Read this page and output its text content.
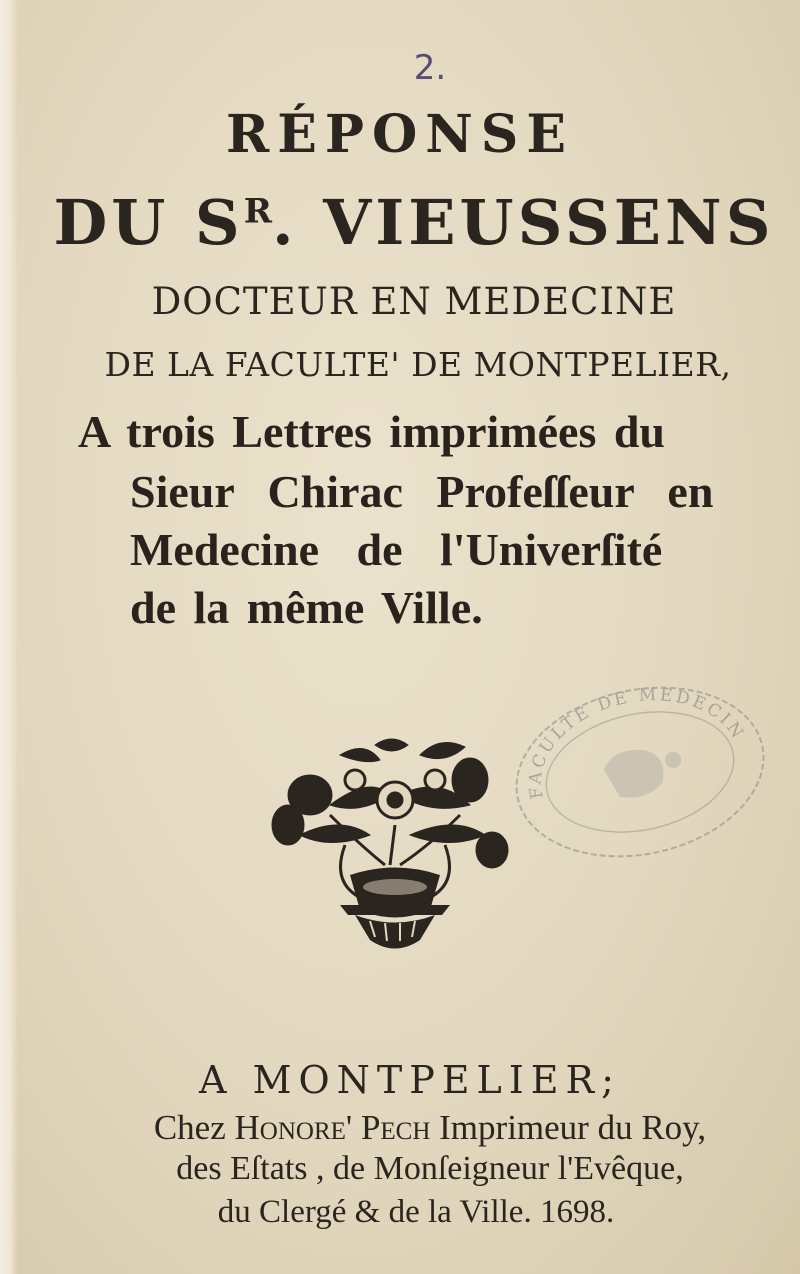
2.
RÉPONSE
DU $S^R$. VIEUSSENS
DOCTEUR EN MEDECINE
DE LA FACULTE' DE MONTPELIER,
A trois Lettres imprimées du
Sieur Chirac Profeſſeur en
Medecine de l'Univerſité
de la même Ville.
FACULTE DE MEDECINE
A MONTPELIER;
Chez Honore' Pech Imprimeur du Roy,
des Eſtats , de Monſeigneur l'Evêque,
du Clergé & de la Ville. 1698.
